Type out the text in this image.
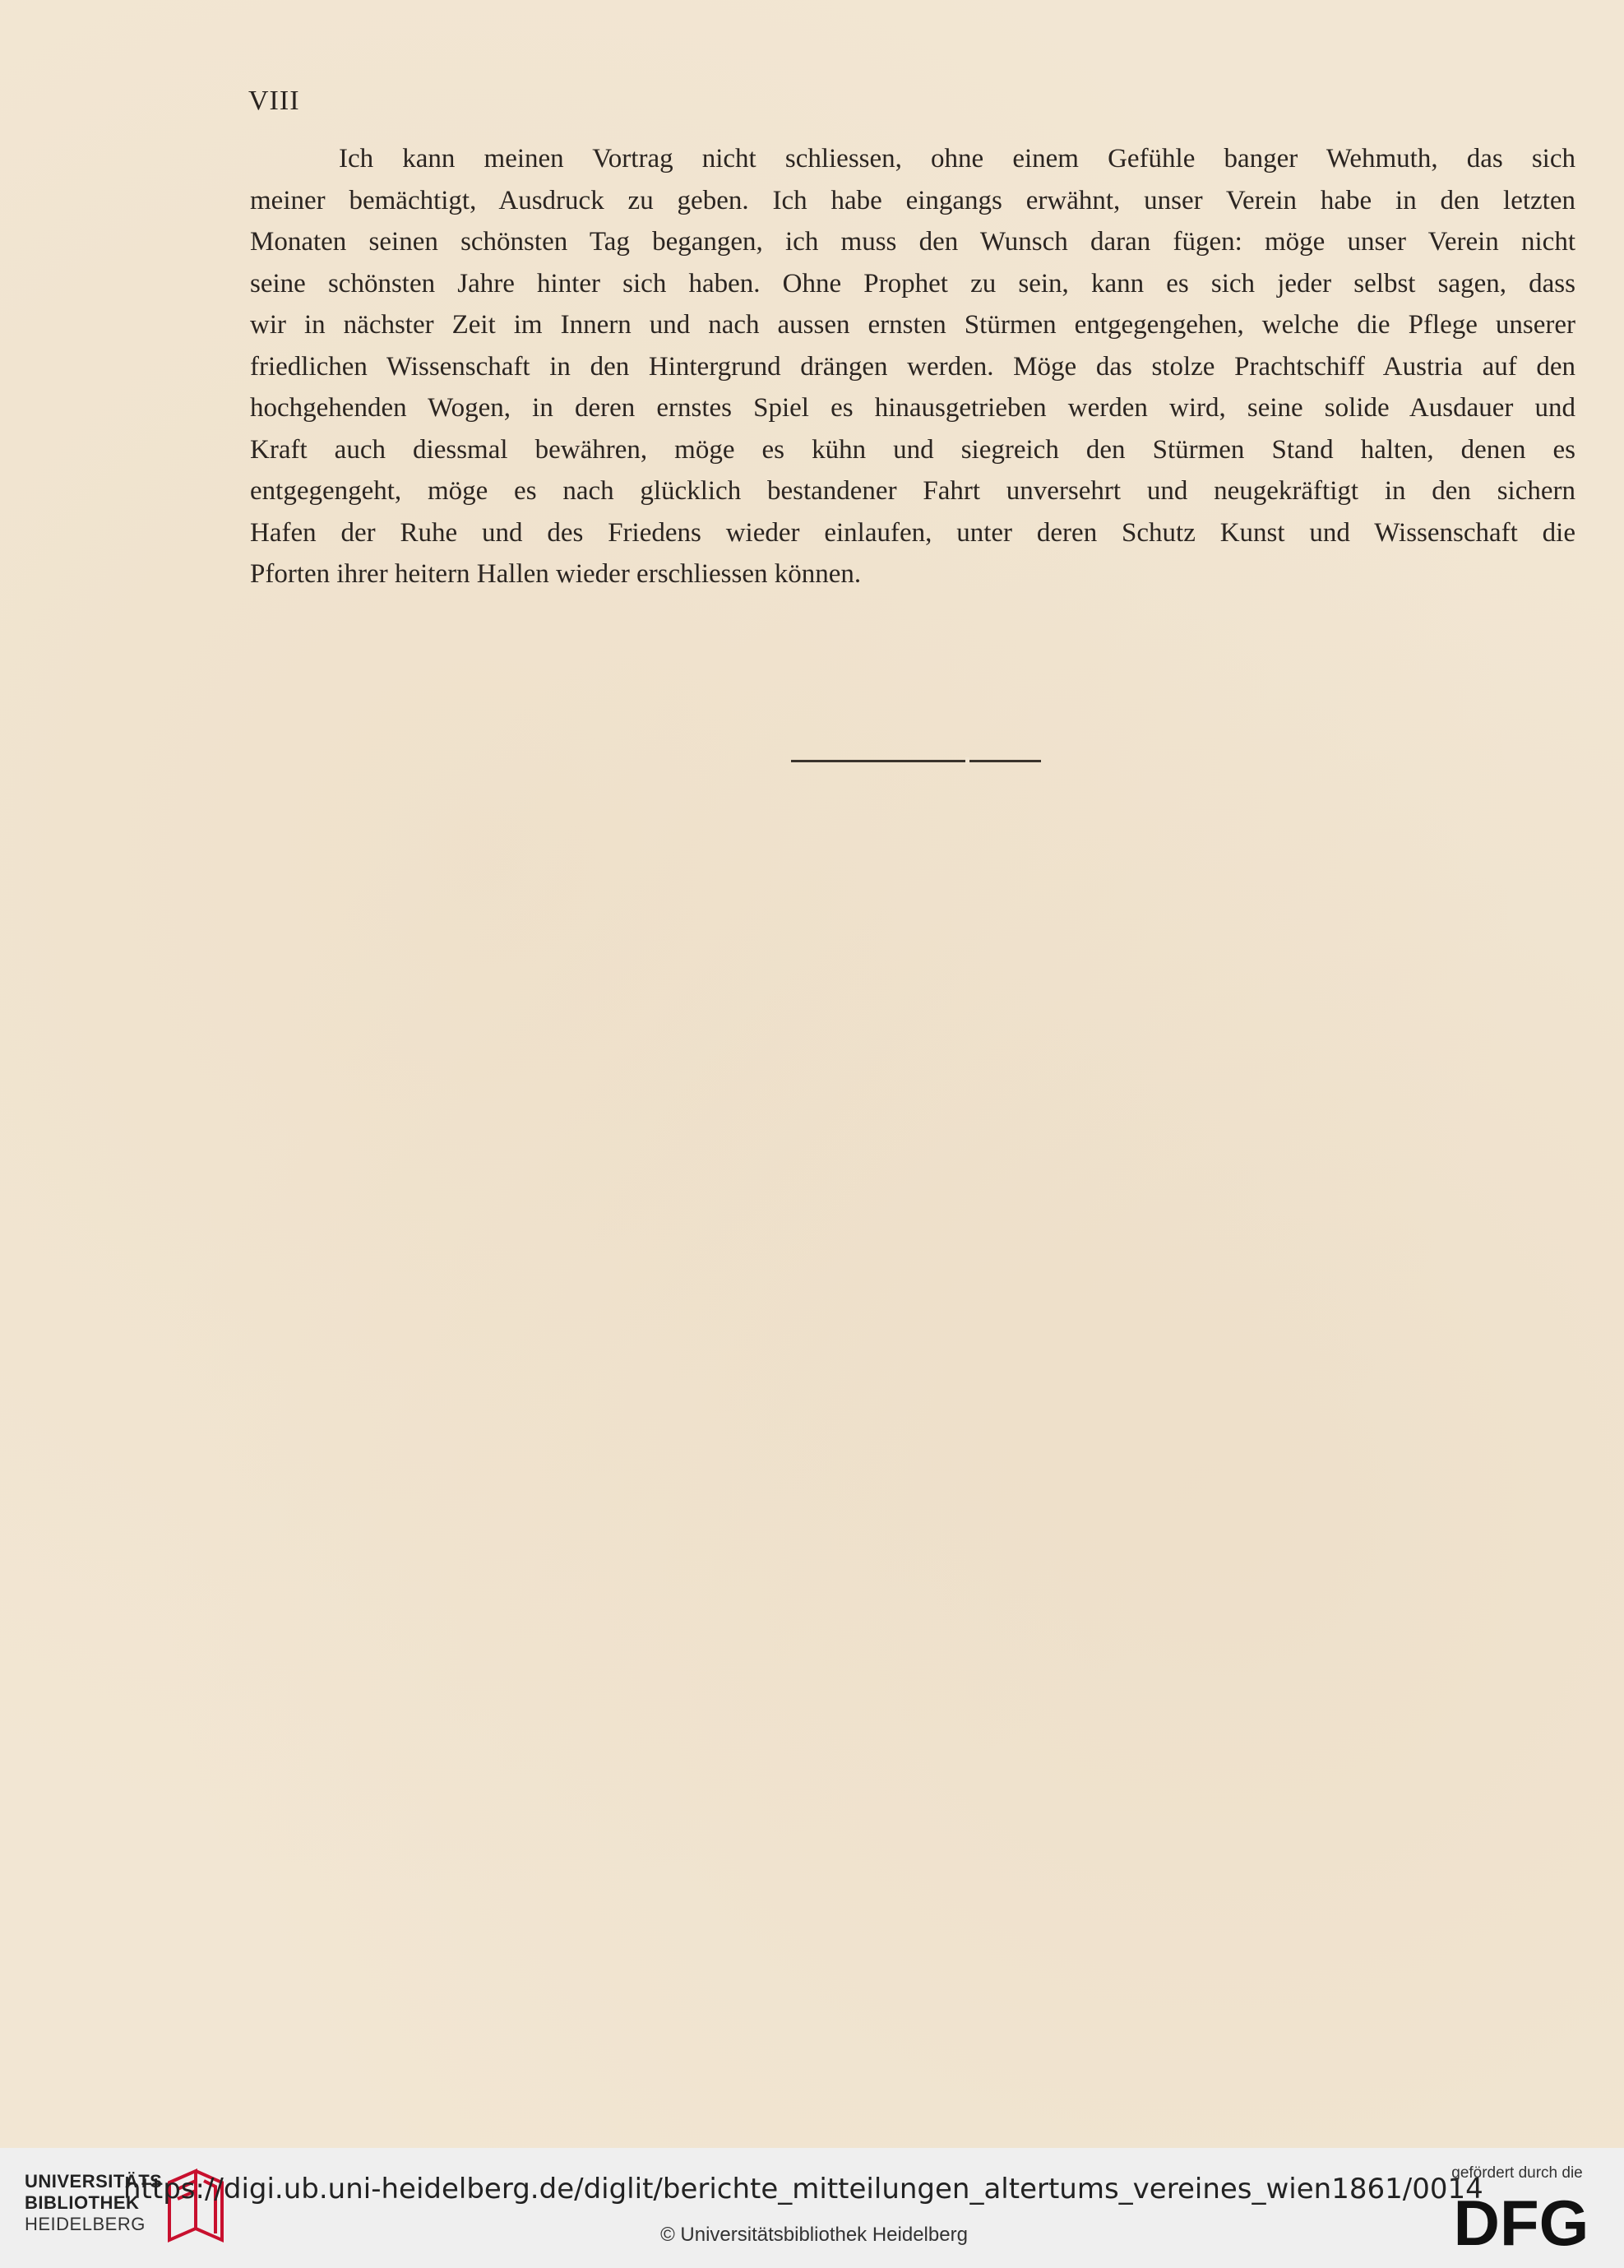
VIII
Ich kann meinen Vortrag nicht schliessen, ohne einem Gefühle banger Wehmuth, das sich
meiner bemächtigt, Ausdruck zu geben. Ich habe eingangs erwähnt, unser Verein habe in den letzten
Monaten seinen schönsten Tag begangen, ich muss den Wunsch daran fügen: möge unser Verein nicht
seine schönsten Jahre hinter sich haben. Ohne Prophet zu sein, kann es sich jeder selbst sagen, dass
wir in nächster Zeit im Innern und nach aussen ernsten Stürmen entgegengehen, welche die Pflege unserer
friedlichen Wissenschaft in den Hintergrund drängen werden. Möge das stolze Prachtschiff Austria auf den
hochgehenden Wogen, in deren ernstes Spiel es hinausgetrieben werden wird, seine solide Ausdauer und
Kraft auch diessmal bewähren, möge es kühn und siegreich den Stürmen Stand halten, denen es
entgegengeht, möge es nach glücklich bestandener Fahrt unversehrt und neugekräftigt in den sichern
Hafen der Ruhe und des Friedens wieder einlaufen, unter deren Schutz Kunst und Wissenschaft die
Pforten ihrer heitern Hallen wieder erschliessen können.
UNIVERSITÄTS
BIBLIOTHEK
HEIDELBERG
https://digi.ub.uni-heidelberg.de/diglit/berichte_mitteilungen_altertums_vereines_wien1861/0014
© Universitätsbibliothek Heidelberg
gefördert durch die
DFG
